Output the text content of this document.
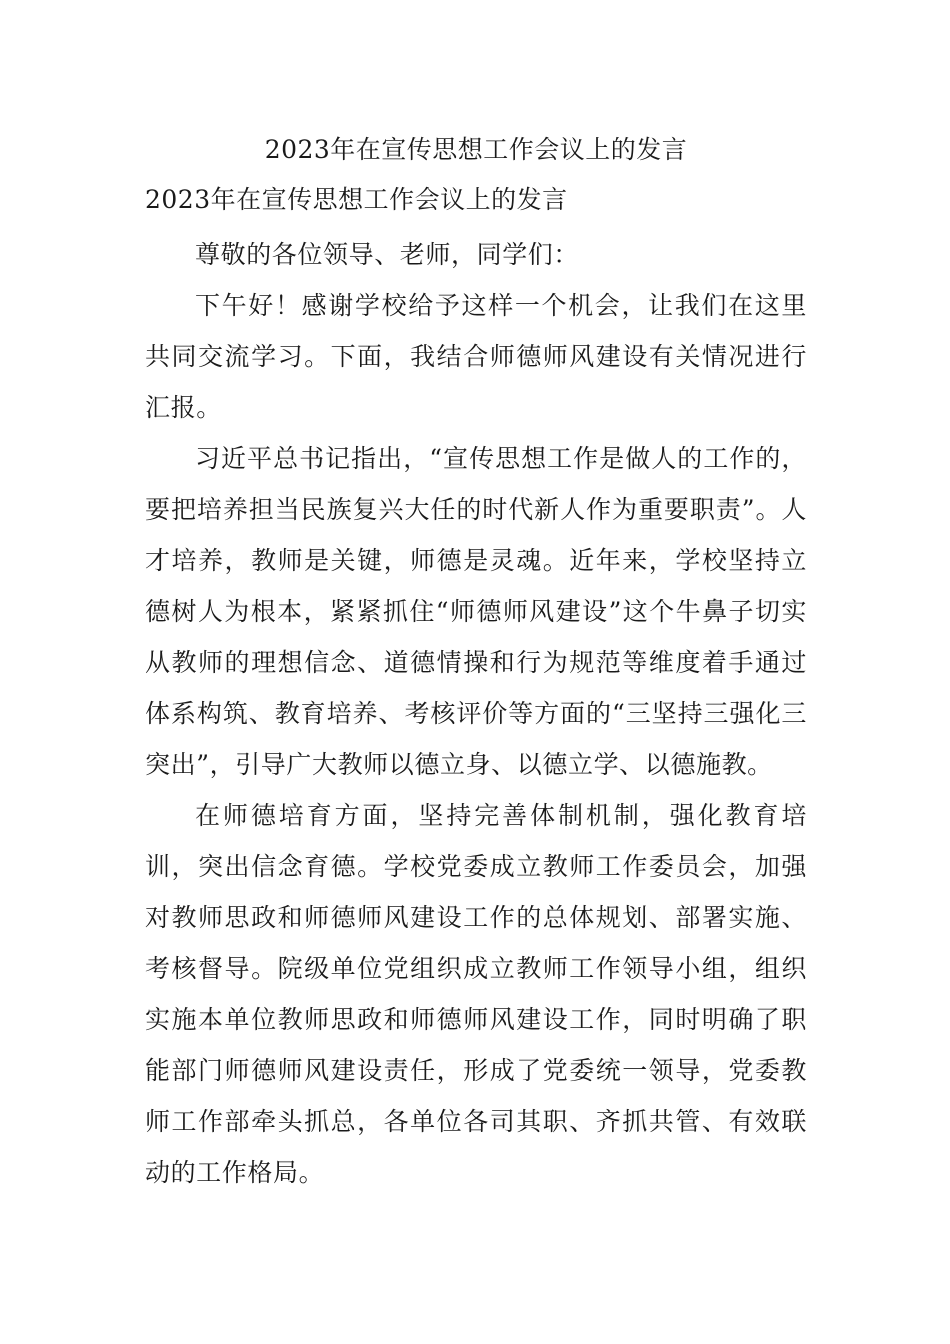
2023年在宣传思想工作会议上的发言
2023年在宣传思想工作会议上的发言

尊敬的各位领导、老师，同学们：

下午好！感谢学校给予这样一个机会，让我们在这里共同交流学习。下面，我结合师德师风建设有关情况进行汇报。

习近平总书记指出，“宣传思想工作是做人的工作的，要把培养担当民族复兴大任的时代新人作为重要职责”。人才培养，教师是关键，师德是灵魂。近年来，学校坚持立德树人为根本，紧紧抓住“师德师风建设”这个牛鼻子切实从教师的理想信念、道德情操和行为规范等维度着手通过体系构筑、教育培养、考核评价等方面的“三坚持三强化三突出”，引导广大教师以德立身、以德立学、以德施教。

在师德培育方面，坚持完善体制机制，强化教育培训，突出信念育德。学校党委成立教师工作委员会，加强对教师思政和师德师风建设工作的总体规划、部署实施、考核督导。院级单位党组织成立教师工作领导小组，组织实施本单位教师思政和师德师风建设工作，同时明确了职能部门师德师风建设责任，形成了党委统一领导，党委教师工作部牵头抓总，各单位各司其职、齐抓共管、有效联动的工作格局。
